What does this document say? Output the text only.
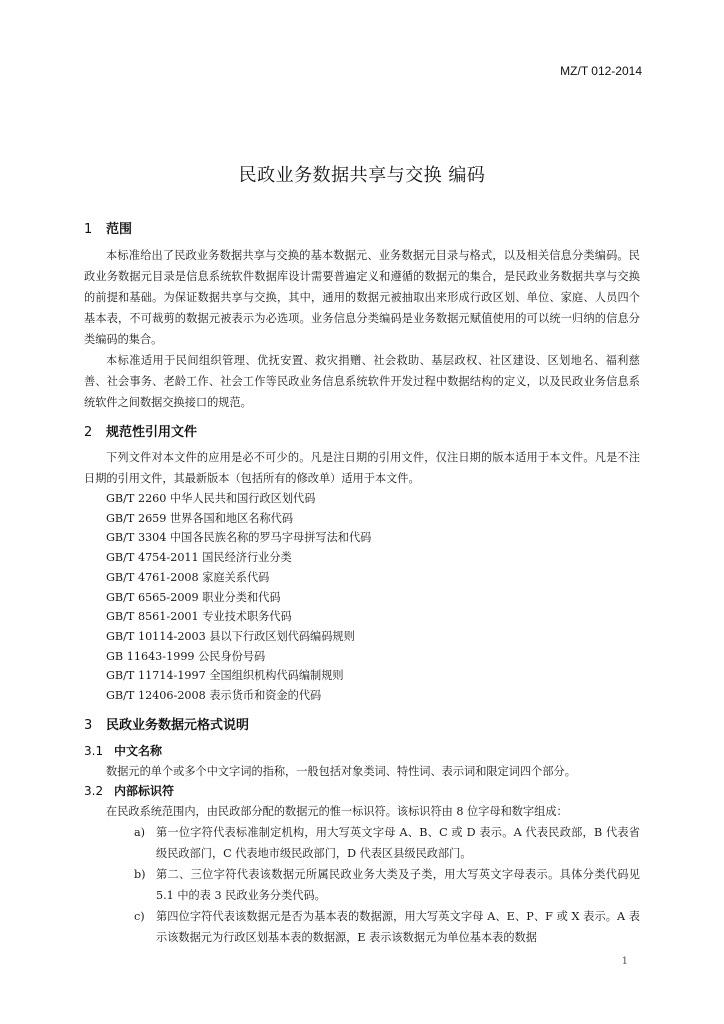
MZ/T 012-2014
民政业务数据共享与交换 编码
1 范围

本标准给出了民政业务数据共享与交换的基本数据元、业务数据元目录与格式，以及相关信息分类编码。民政业务数据元目录是信息系统软件数据库设计需要普遍定义和遵循的数据元的集合，是民政业务数据共享与交换的前提和基础。为保证数据共享与交换，其中，通用的数据元被抽取出来形成行政区划、单位、家庭、人员四个基本表，不可裁剪的数据元被表示为必选项。业务信息分类编码是业务数据元赋值使用的可以统一归纳的信息分类编码的集合。

本标准适用于民间组织管理、优抚安置、救灾捐赠、社会救助、基层政权、社区建设、区划地名、福利慈善、社会事务、老龄工作、社会工作等民政业务信息系统软件开发过程中数据结构的定义，以及民政业务信息系统软件之间数据交换接口的规范。

2 规范性引用文件

下列文件对本文件的应用是必不可少的。凡是注日期的引用文件，仅注日期的版本适用于本文件。凡是不注日期的引用文件，其最新版本（包括所有的修改单）适用于本文件。

GB/T 2260 中华人民共和国行政区划代码

GB/T 2659 世界各国和地区名称代码

GB/T 3304 中国各民族名称的罗马字母拼写法和代码

GB/T 4754-2011 国民经济行业分类

GB/T 4761-2008 家庭关系代码

GB/T 6565-2009 职业分类和代码

GB/T 8561-2001 专业技术职务代码

GB/T 10114-2003 县以下行政区划代码编码规则

GB 11643-1999 公民身份号码

GB/T 11714-1997 全国组织机构代码编制规则

GB/T 12406-2008 表示货币和资金的代码

3 民政业务数据元格式说明
3.1 中文名称

数据元的单个或多个中文字词的指称，一般包括对象类词、特性词、表示词和限定词四个部分。

3.2 内部标识符

在民政系统范围内，由民政部分配的数据元的惟一标识符。该标识符由 8 位字母和数字组成：

a) 第一位字符代表标准制定机构，用大写英文字母 A、B、C 或 D 表示。A 代表民政部，B 代表省级民政部门，C 代表地市级民政部门，D 代表区县级民政部门。
b) 第二、三位字符代表该数据元所属民政业务大类及子类，用大写英文字母表示。具体分类代码见 5.1 中的表 3 民政业务分类代码。
c)	第四位字符代表该数据元是否为基本表的数据源，用大写英文字母 A、E、P、F 或 X 表示。A 表示该数据元为行政区划基本表的数据源，E 表示该数据元为单位基本表的数据
1
